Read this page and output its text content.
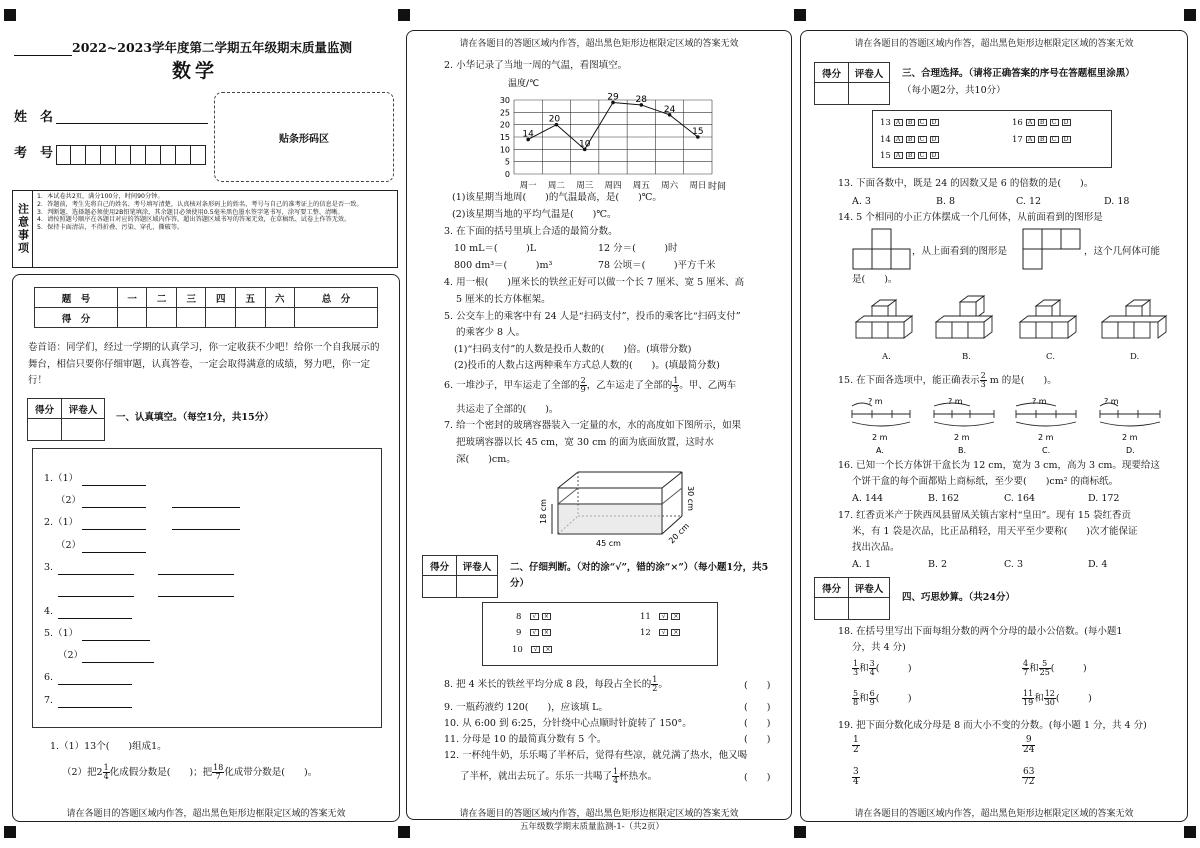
2022~2023学年度第二学期五年级期末质量监测
数学
姓　名
考　号
贴条形码区
注意事项
1．本试卷共2页，满分100分，时间90分钟。
2．答题前，考生先将自己的姓名、考号填写清楚，认真核对条形码上的姓名、考号与自己的准考证上的信息是否一致。
3．判断题、选择题必须使用2B铅笔填涂，其余题目必须使用0.5毫米黑色墨水签字笔书写，涂写要工整、清晰。
4．请按照题号顺序在各题目对应的答题区域内作答，超出答题区域书写的答案无效，在草稿纸、试卷上作答无效。
5．保持卡面清洁，不得折叠、污染、穿孔、撕破等。
题　号	一	二	三	四	五	六	总　分
得　分							
卷首语：同学们，经过一学期的认真学习，你一定收获不少吧！给你一个自我展示的舞台，相信只要你仔细审题，认真答卷，一定会取得满意的成绩，努力吧，你一定行！
得分	评卷人

一、认真填空。（每空1分，共15分）
1.（1）
（2）
2.（1）
（2）
3.
4.
5.（1）
（2）
6.
7.
1.（1）13个(　　)组成1。
（2）把$2 \frac{1}{4}$ 化成假分数是(　　)；把 $\frac{18}{7}$ 化成带分数是(　　)。
请在各题目的答题区域内作答，超出黑色矩形边框限定区域的答案无效
请在各题目的答题区域内作答，超出黑色矩形边框限定区域的答案无效
请在各题目的答题区域内作答，超出黑色矩形边框限定区域的答案无效
2. 小华记录了当地一周的气温，看图填空。
温度/℃
0
5
10
15
20
25
30
周一 周二 周三 周四 周五 周六 周日
14
20
10
29 28
24
15
时间
(1)该星期当地周(　　)的气温最高，是(　　)℃。
(2)该星期当地的平均气温是(　　)℃。
3. 在下面的括号里填上合适的最简分数。
10 mL＝(　　　)L	12 分＝(　　　)时
800 dm³＝(　　　)m³	78 公顷＝(　　　)平方千米
4. 用一根(　　)厘米长的铁丝正好可以做一个长 7 厘米、宽 5 厘米、高
5 厘米的长方体框架。
5. 公交车上的乘客中有 24 人是“扫码支付”，投币的乘客比“扫码支付”
的乘客少 8 人。
(1)“扫码支付”的人数是投币人数的(　　)倍。(填带分数)
(2)投币的人数占这两种乘车方式总人数的(　　)。(填最简分数)
6. 一堆沙子，甲车运走了全部的 $\frac{2}{9}$ ，乙车运走了全部的 $\frac{1}{3}$ 。甲、乙两车
共运走了全部的(　　)。
7. 给一个密封的玻璃容器装入一定量的水，水的高度如下图所示，如果
把玻璃容器以长 45 cm，宽 30 cm 的面为底面放置，这时水
深(　　)cm。
18 cm
45 cm	20 cm
30 cm
得分	评卷人
	二、仔细判断。（对的涂“√”，错的涂“×”）（每小题1分，共5分）
8　 √ ×
9　 √ ×
10　 √ ×
11　 √ ×
12　 √ ×
8. 把 4 米长的铁丝平均分成 8 段，每段占全长的 $\frac{1}{2}$ 。	(　　)
9. 一瓶药液约 120(　　)，应该填 L。	(　　)
10. 从 6:00 到 6:25，分针绕中心点顺时针旋转了 150°。	(　　)
11. 分母是 10 的最简真分数有 5 个。	(　　)
12. 一杯纯牛奶，乐乐喝了半杯后，觉得有些凉，就兑满了热水，他又喝
了半杯，就出去玩了。乐乐一共喝了 $\frac{1}{4}$ 杯热水。	(　　)
五年级数学期末质量监测-1-（共2页）
请在各题目的答题区域内作答，超出黑色矩形边框限定区域的答案无效
请在各题目的答题区域内作答，超出黑色矩形边框限定区域的答案无效
得分	评卷人
	三、合理选择。（请将正确答案的序号在答题框里涂黑）
（每小题2分，共10分）
13 A B C D
14 A B C D
15 A B C D
16 A B C D
17 A B C D
13. 下面各数中，既是 24 的因数又是 6 的倍数的是(　　)。
A. 3	B. 8	C. 12	D. 18
14. 5 个相同的小正方体摆成一个几何体，从前面看到的图形是
，从上面看到的图形是	，这个几何体可能
是(　　)。
A.	B.	C.	D.
15. 在下面各选项中，能正确表示 $\frac{2}{3}$ m 的是(　　)。
? m	? m	? m	? m
2 m	2 m	2 m	2 m
A.	B.	C.	D.
16. 已知一个长方体饼干盒长为 12 cm，宽为 3 cm，高为 3 cm。现要给这
个饼干盒的每个面都贴上商标纸，至少要(　　)cm² 的商标纸。
A. 144	B. 162	C. 164	D. 172
17. 红香贡米产于陕西凤县留凤关镇古家村“皇田”。现有 15 袋红香贡
米，有 1 袋是次品，比正品稍轻，用天平至少要称(　　)次才能保证
找出次品。
A. 1	B. 2	C. 3	D. 4
得分	评卷人

四、巧思妙算。（共24分）
18. 在括号里写出下面每组分数的两个分母的最小公倍数。(每小题1
分，共 4 分)
$\frac{1}{3}$ 和 $\frac{3}{4}$ (　　　)	$\frac{4}{7}$ 和 $\frac{5}{25}$ (　　　)
$\frac{5}{8}$ 和 $\frac{6}{9}$ (　　　)	$\frac{11}{19}$ 和 $\frac{12}{30}$ (　　　)
19. 把下面分数化成分母是 8 而大小不变的分数。(每小题 1 分，共 4 分)
$\frac{1}{2}$	$\frac{9}{24}$
$\frac{3}{4}$	$\frac{63}{72}$
